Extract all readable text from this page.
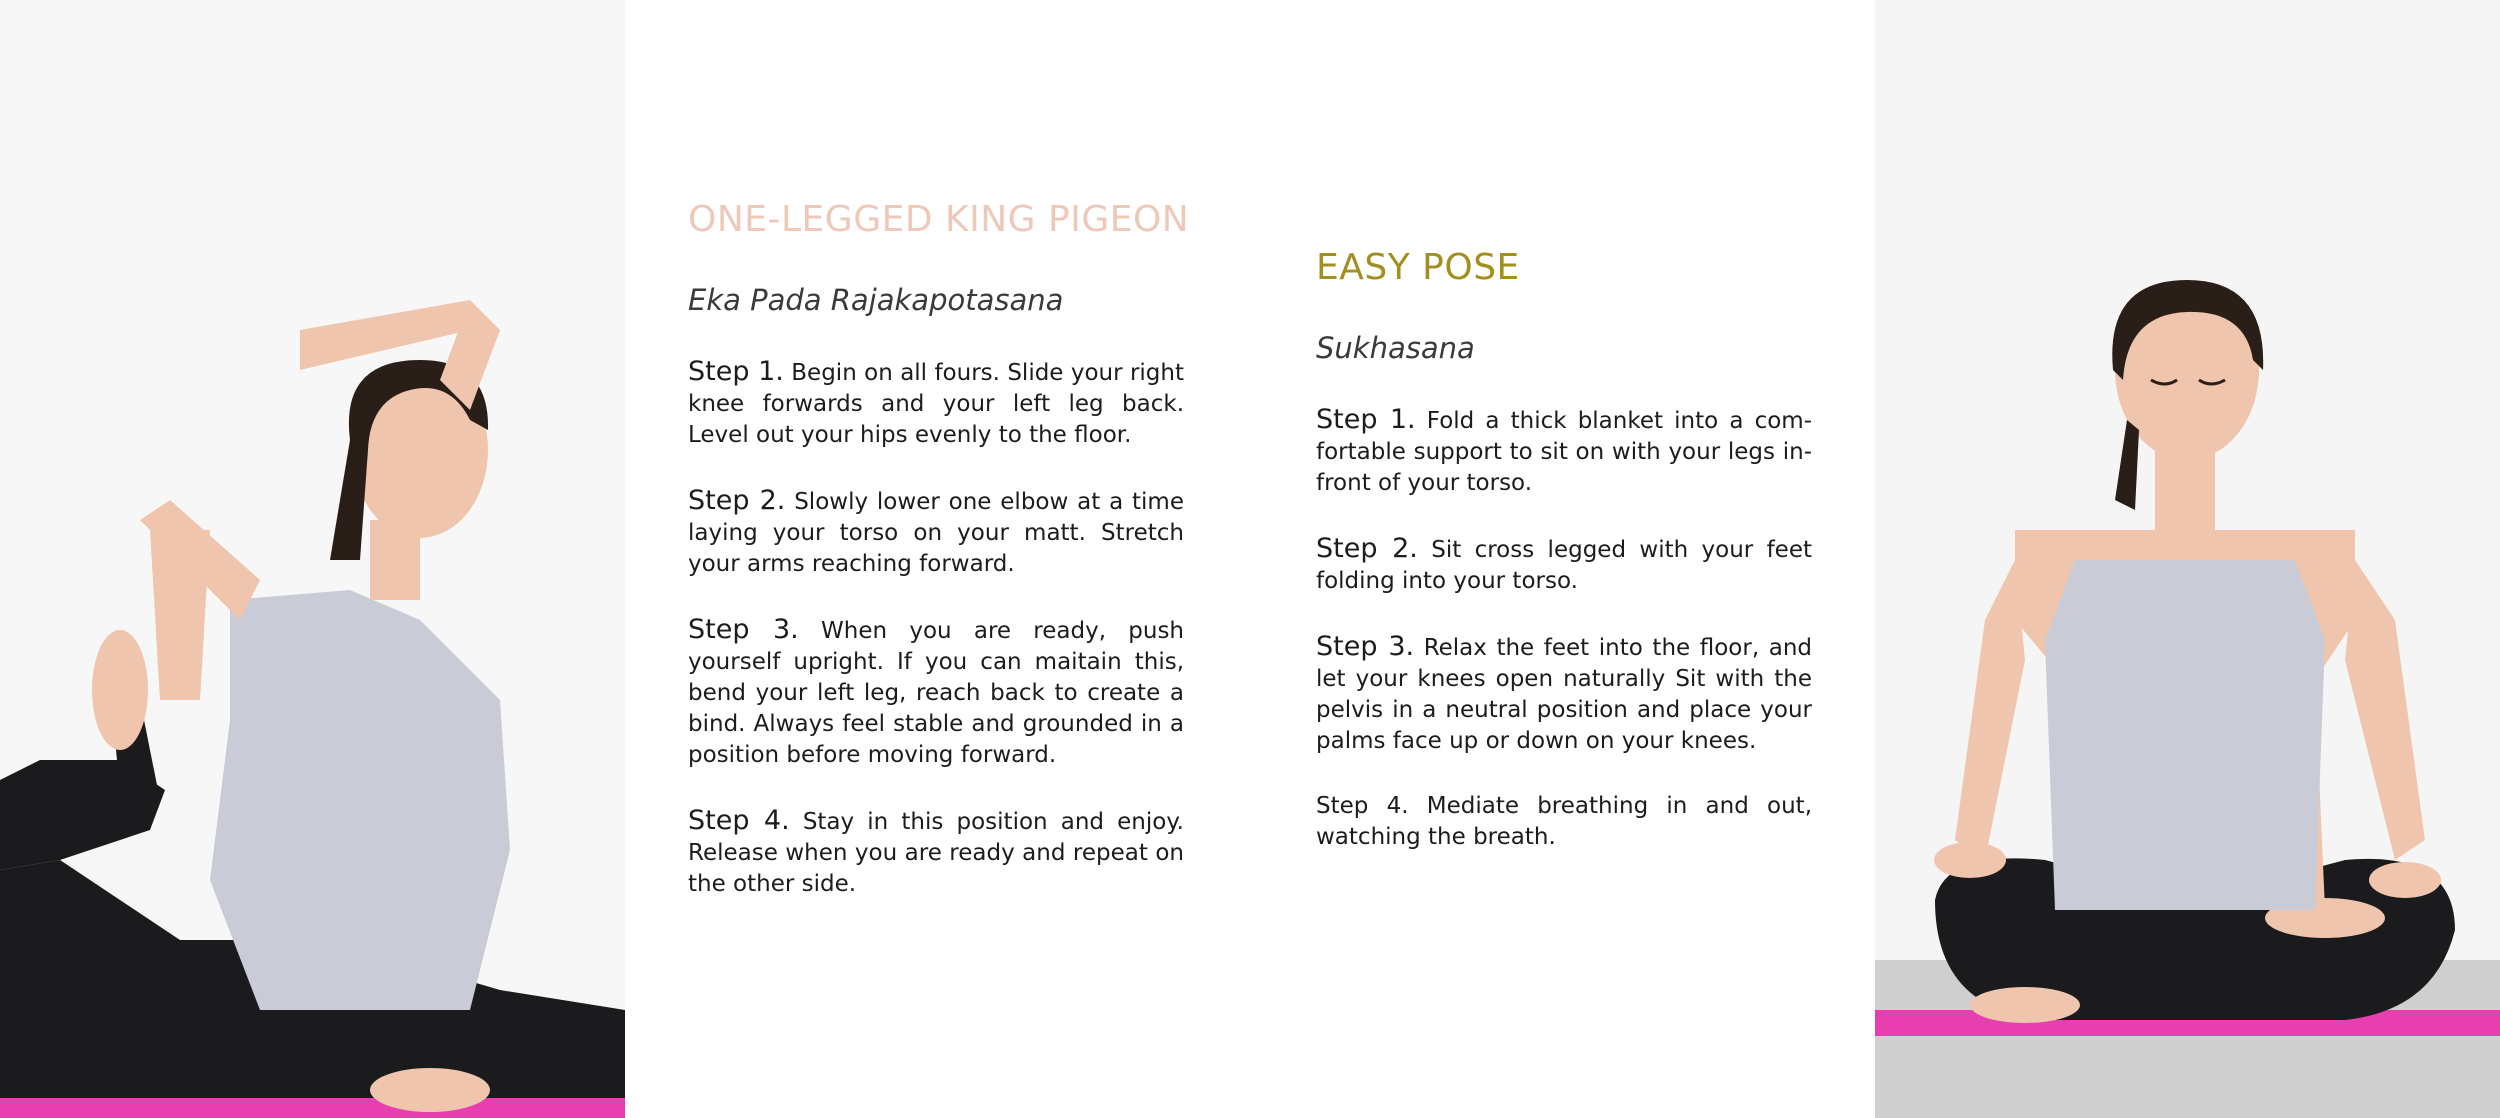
ONE-LEGGED KING PIGEON

Eka Pada Rajakapotasana

Step 1. Begin on all fours. Slide your right knee forwards and your left leg back. Level out your hips evenly to the floor.

Step 2. Slowly lower one elbow at a time laying your torso on your matt. Stretch your arms reaching forward.

Step 3. When you are ready, push yourself upright. If you can maitain this, bend your left leg, reach back to create a bind. Always feel stable and grounded in a position before moving forward.

Step 4. Stay in this position and enjoy. Release when you are ready and repeat on the other side.

EASY POSE

Sukhasana

Step 1. Fold a thick blanket into a comfortable support to sit on with your legs in-front of your torso.

Step 2. Sit cross legged with your feet folding into your torso.

Step 3. Relax the feet into the floor, and let your knees open naturally Sit with the pelvis in a neutral position and place your palms face up or down on your knees.

Step 4. Mediate breathing in and out, watching the breath.
